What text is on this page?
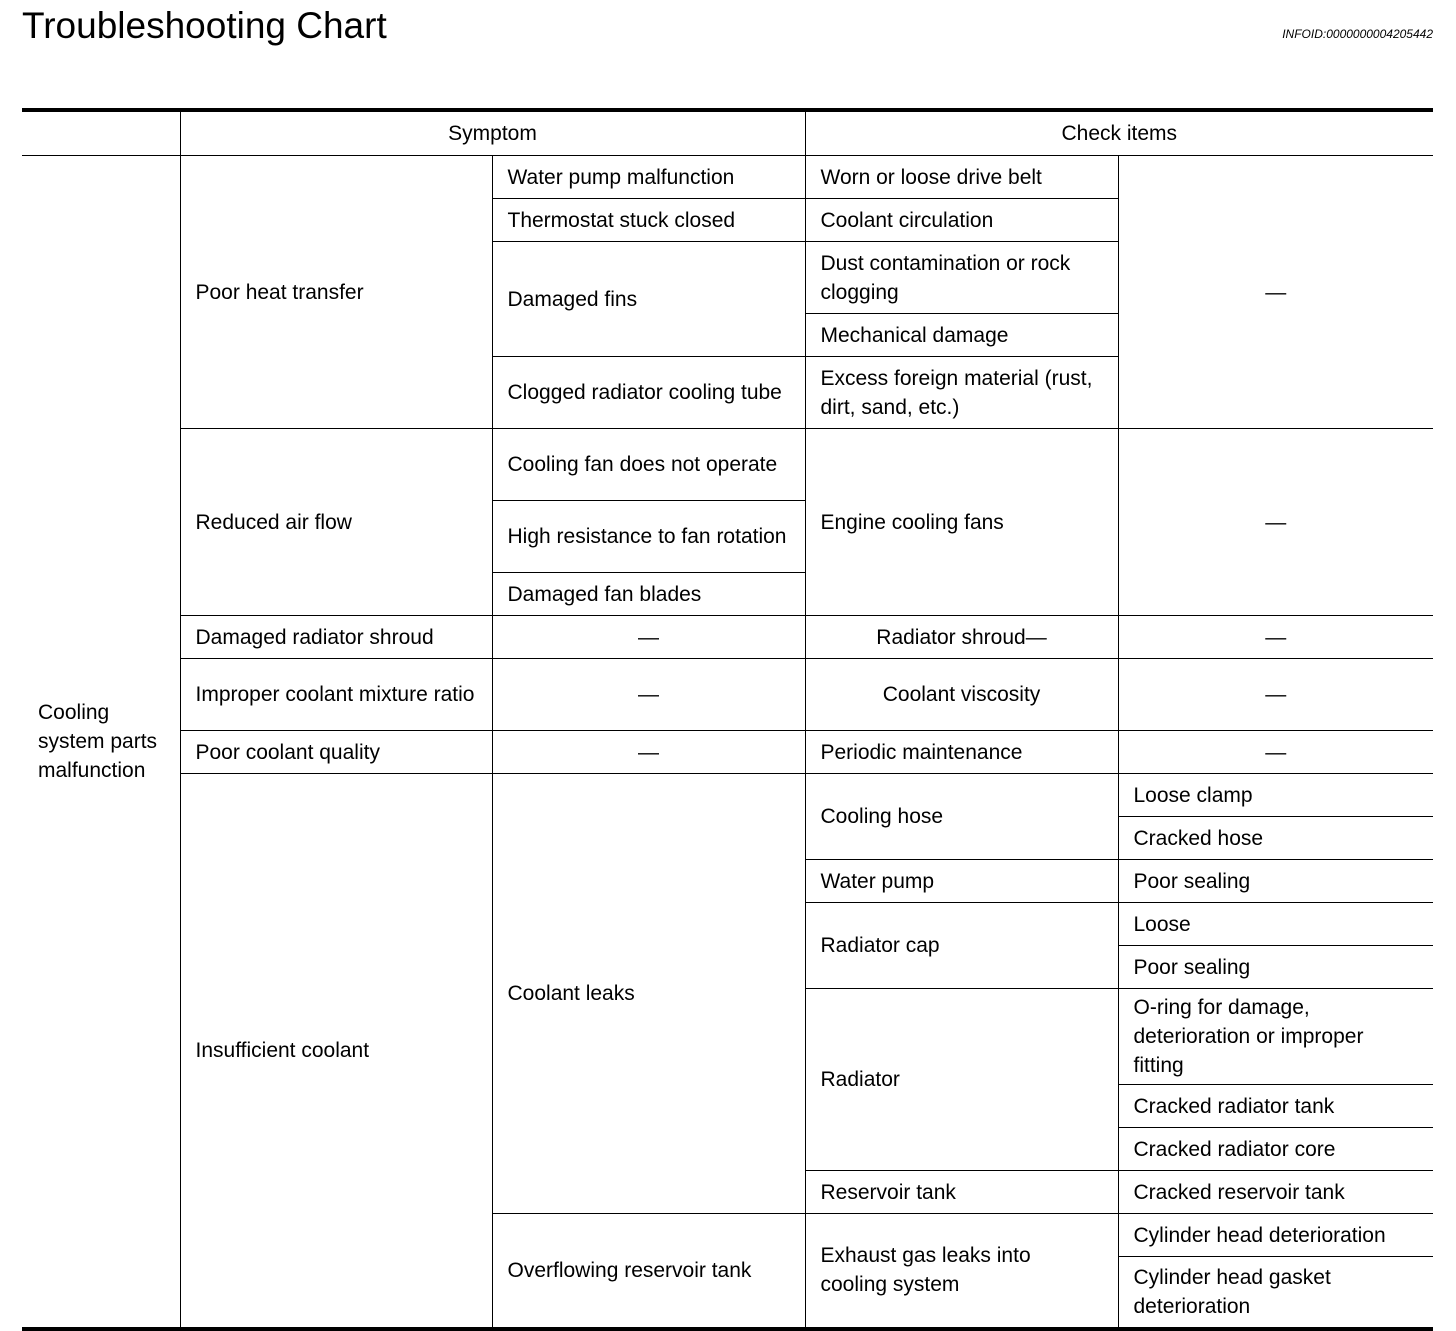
Troubleshooting Chart	INFOID:0000000004205442
	Symptom		Check items	
Cooling system parts malfunction	Poor heat transfer	Water pump malfunction	Worn or loose drive belt	—
		Thermostat stuck closed	Coolant circulation	
		Damaged fins	Dust contamination or rock clogging	
			Mechanical damage	
		Clogged radiator cooling tube	Excess foreign material (rust, dirt, sand, etc.)	
	Reduced air flow	Cooling fan does not operate	Engine cooling fans	—
		High resistance to fan rotation		
		Damaged fan blades		
	Damaged radiator shroud	—	Radiator shroud—	—
	Improper coolant mixture ratio	—	Coolant viscosity	—
	Poor coolant quality	—	Periodic maintenance	—
	Insufficient coolant	Coolant leaks	Cooling hose	Loose clamp
				Cracked hose
			Water pump	Poor sealing
			Radiator cap	Loose
				Poor sealing
			Radiator	O-ring for damage, deterioration or improper fitting
				Cracked radiator tank
				Cracked radiator core
			Reservoir tank	Cracked reservoir tank
		Overflowing reservoir tank	Exhaust gas leaks into cooling system	Cylinder head deterioration
				Cylinder head gasket deterioration
